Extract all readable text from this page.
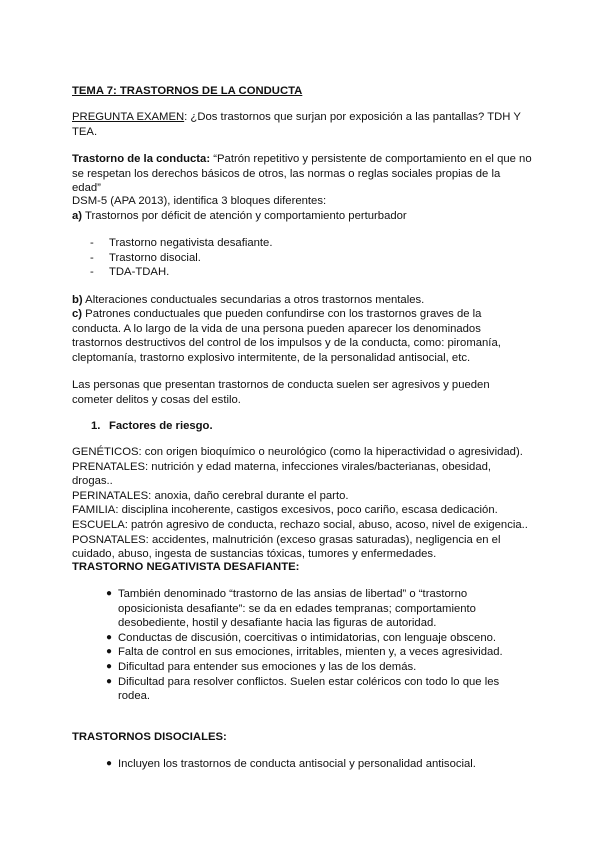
TEMA 7: TRASTORNOS DE LA CONDUCTA

PREGUNTA EXAMEN: ¿Dos trastornos que surjan por exposición a las pantallas? TDH Y TEA.

Trastorno de la conducta: “Patrón repetitivo y persistente de comportamiento en el que no se respetan los derechos básicos de otros, las normas o reglas sociales propias de la edad”

DSM-5 (APA 2013), identifica 3 bloques diferentes:

a) Trastornos por déficit de atención y comportamiento perturbador

- Trastorno negativista desafiante.
- Trastorno disocial.
- TDA-TDAH.

b) Alteraciones conductuales secundarias a otros trastornos mentales.

c) Patrones conductuales que pueden confundirse con los trastornos graves de la conducta. A lo largo de la vida de una persona pueden aparecer los denominados trastornos destructivos del control de los impulsos y de la conducta, como: piromanía, cleptomanía, trastorno explosivo intermitente, de la personalidad antisocial, etc.

Las personas que presentan trastornos de conducta suelen ser agresivos y pueden cometer delitos y cosas del estilo.

1. Factores de riesgo.
GENÉTICOS: con origen bioquímico o neurológico (como la hiperactividad o agresividad).
PRENATALES: nutrición y edad materna, infecciones virales/bacterianas, obesidad, drogas..
PERINATALES: anoxia, daño cerebral durante el parto.
FAMILIA: disciplina incoherente, castigos excesivos, poco cariño, escasa dedicación.
ESCUELA: patrón agresivo de conducta, rechazo social, abuso, acoso, nivel de exigencia..
POSNATALES: accidentes, malnutrición (exceso grasas saturadas), negligencia en el cuidado, abuso, ingesta de sustancias tóxicas, tumores y enfermedades.

TRASTORNO NEGATIVISTA DESAFIANTE:

● También denominado “trastorno de las ansias de libertad” o “trastorno oposicionista desafiante”: se da en edades tempranas; comportamiento desobediente, hostil y desafiante hacia las figuras de autoridad.
● Conductas de discusión, coercitivas o intimidatorias, con lenguaje obsceno.
● Falta de control en sus emociones, irritables, mienten y, a veces agresividad.
● Dificultad para entender sus emociones y las de los demás.
● Dificultad para resolver conflictos. Suelen estar coléricos con todo lo que les rodea.

TRASTORNOS DISOCIALES:

● Incluyen los trastornos de conducta antisocial y personalidad antisocial.
